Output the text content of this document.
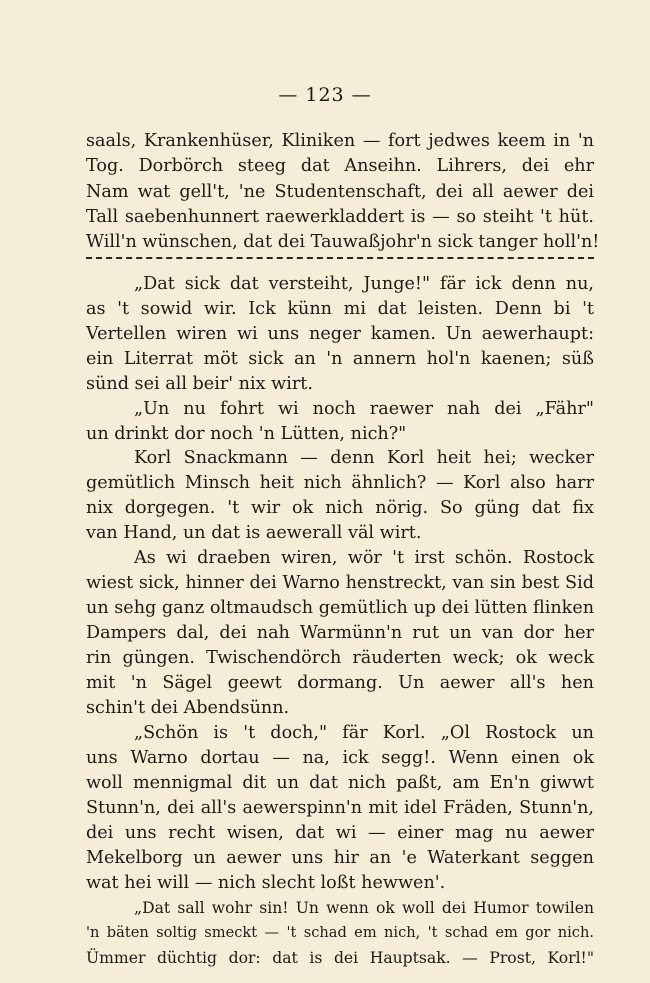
— 123 —
saals, Krankenhüser, Kliniken — fort jedwes keem in 'n
Tog. Dorbörch steeg dat Anseihn. Lihrers, dei ehr
Nam wat gell't, 'ne Studentenschaft, dei all aewer dei
Tall saebenhunnert raewerkladdert is — so steiht 't hüt.
Will'n wünschen, dat dei Tauwaßjohr'n sick tanger holl'n!
„Dat sick dat versteiht, Junge!" fär ick denn nu,
as 't sowid wir. Ick künn mi dat leisten. Denn bi 't
Vertellen wiren wi uns neger kamen. Un aewerhaupt:
ein Literrat möt sick an 'n annern hol'n kaenen; süß
sünd sei all beir' nix wirt.
„Un nu fohrt wi noch raewer nah dei „Fähr"
un drinkt dor noch 'n Lütten, nich?"
Korl Snackmann — denn Korl heit hei; wecker
gemütlich Minsch heit nich ähnlich? — Korl also harr
nix dorgegen. 't wir ok nich nörig. So güng dat fix
van Hand, un dat is aewerall väl wirt.
As wi draeben wiren, wör 't irst schön. Rostock
wiest sick, hinner dei Warno henstreckt, van sin best Sid
un sehg ganz oltmaudsch gemütlich up dei lütten flinken
Dampers dal, dei nah Warmünn'n rut un van dor her
rin güngen. Twischendörch räuderten weck; ok weck
mit 'n Sägel geewt dormang. Un aewer all's hen
schin't dei Abendsünn.
„Schön is 't doch," fär Korl. „Ol Rostock un
uns Warno dortau — na, ick segg!. Wenn einen ok
woll mennigmal dit un dat nich paßt, am En'n giwwt
Stunn'n, dei all's aewerspinn'n mit idel Fräden, Stunn'n,
dei uns recht wisen, dat wi — einer mag nu aewer
Mekelborg un aewer uns hir an 'e Waterkant seggen
wat hei will — nich slecht loßt hewwen'.
„Dat sall wohr sin! Un wenn ok woll dei Humor towilen
'n bäten soltig smeckt — 't schad em nich, 't schad em gor nich.
Ümmer düchtig dor: dat is dei Hauptsak. — Prost, Korl!"
